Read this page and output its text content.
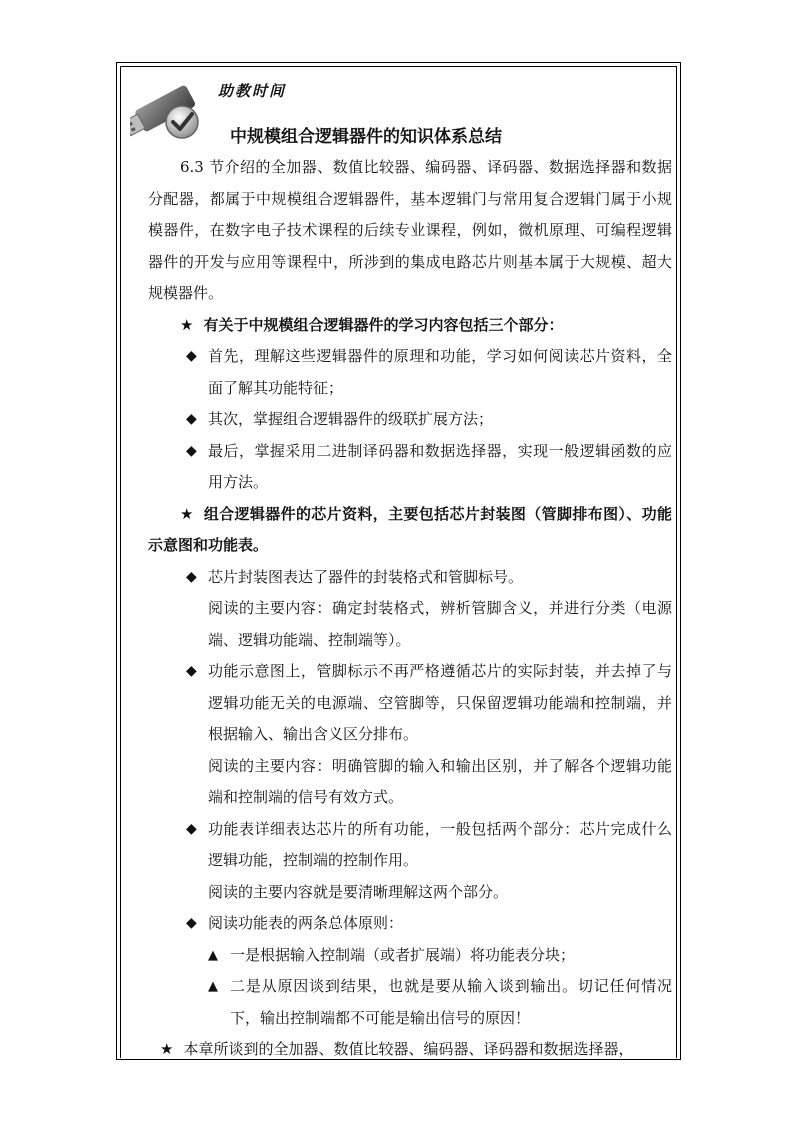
助教时间
中规模组合逻辑器件的知识体系总结

6.3 节介绍的全加器、数值比较器、编码器、译码器、数据选择器和数据分配器，都属于中规模组合逻辑器件，基本逻辑门与常用复合逻辑门属于小规模器件，在数字电子技术课程的后续专业课程，例如，微机原理、可编程逻辑器件的开发与应用等课程中，所涉到的集成电路芯片则基本属于大规模、超大规模器件。

★ 有关于中规模组合逻辑器件的学习内容包括三个部分：

◆ 首先，理解这些逻辑器件的原理和功能，学习如何阅读芯片资料，全面了解其功能特征；

◆ 其次，掌握组合逻辑器件的级联扩展方法；

◆ 最后，掌握采用二进制译码器和数据选择器，实现一般逻辑函数的应用方法。

★ 组合逻辑器件的芯片资料，主要包括芯片封装图（管脚排布图）、功能示意图和功能表。

◆ 芯片封装图表达了器件的封装格式和管脚标号。

阅读的主要内容：确定封装格式，辨析管脚含义，并进行分类（电源端、逻辑功能端、控制端等）。

◆ 功能示意图上，管脚标示不再严格遵循芯片的实际封装，并去掉了与逻辑功能无关的电源端、空管脚等，只保留逻辑功能端和控制端，并根据输入、输出含义区分排布。

阅读的主要内容：明确管脚的输入和输出区别，并了解各个逻辑功能端和控制端的信号有效方式。

◆ 功能表详细表达芯片的所有功能，一般包括两个部分：芯片完成什么逻辑功能，控制端的控制作用。

阅读的主要内容就是要清晰理解这两个部分。

◆ 阅读功能表的两条总体原则：

▲ 一是根据输入控制端（或者扩展端）将功能表分块；

▲ 二是从原因谈到结果，也就是要从输入谈到输出。切记任何情况下，输出控制端都不可能是输出信号的原因！

★ 本章所谈到的全加器、数值比较器、编码器、译码器和数据选择器，
